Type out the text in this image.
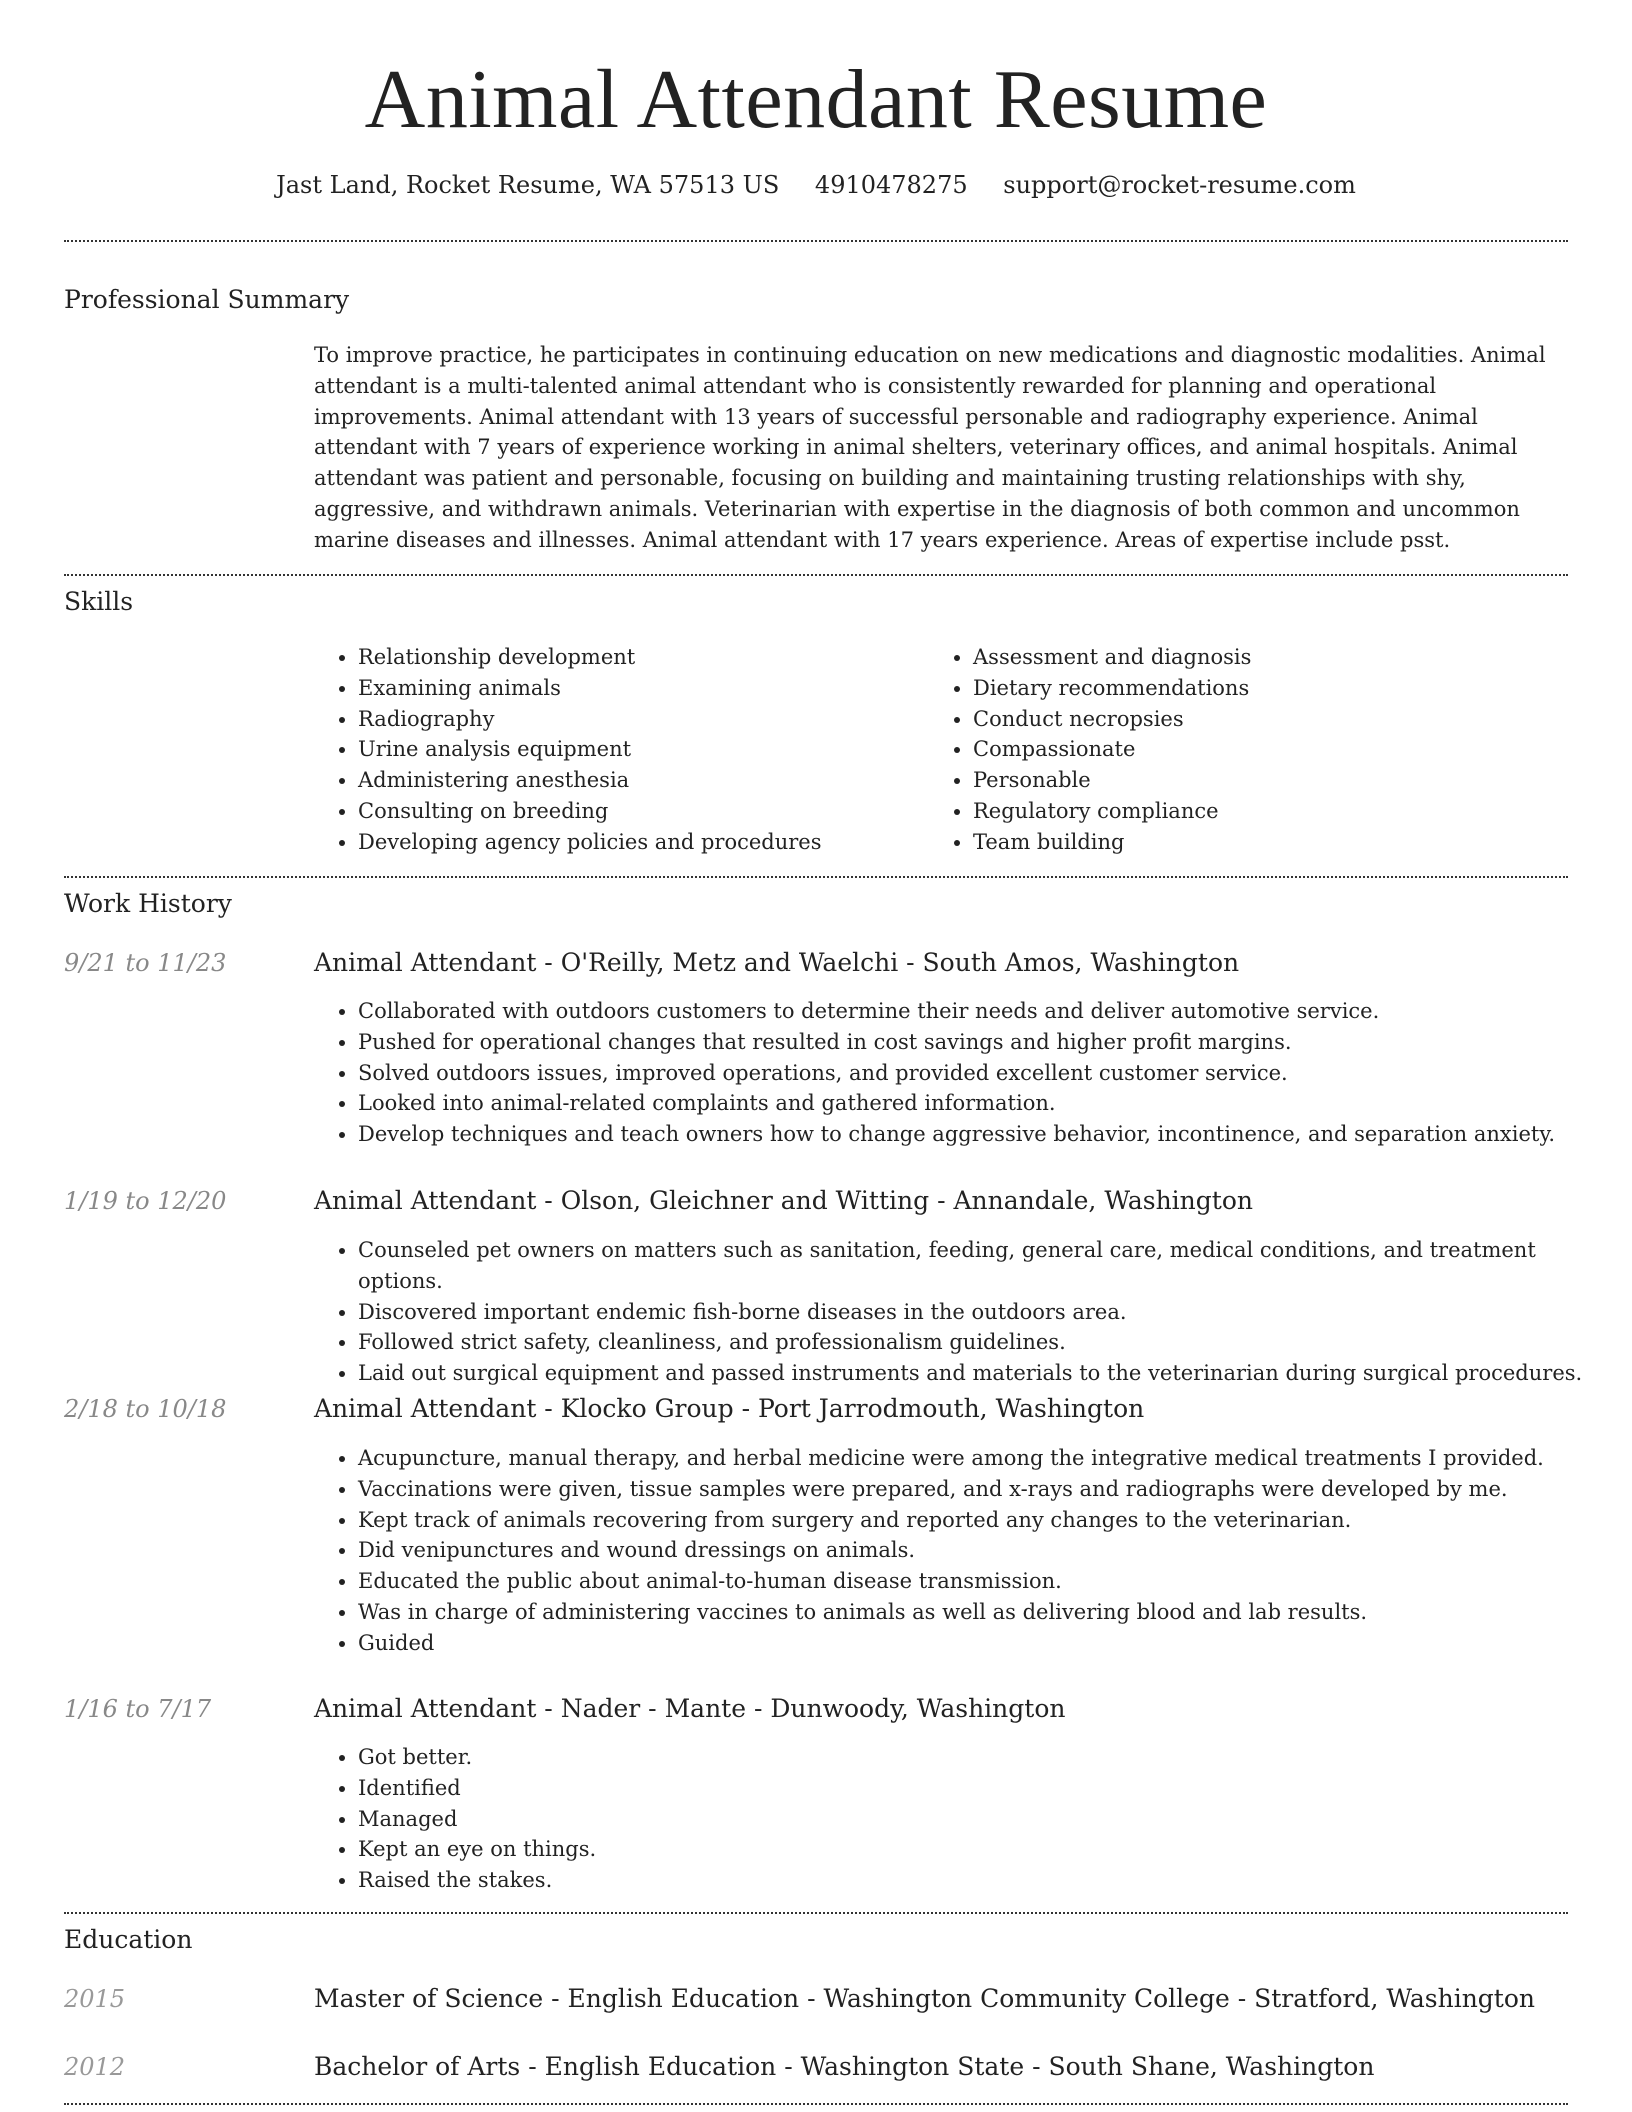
Animal Attendant Resume
Jast Land, Rocket Resume, WA 57513 US 4910478275 support@rocket-resume.com
Professional Summary

To improve practice, he participates in continuing education on new medications and diagnostic modalities. Animal attendant is a multi-talented animal attendant who is consistently rewarded for planning and operational improvements. Animal attendant with 13 years of successful personable and radiography experience. Animal attendant with 7 years of experience working in animal shelters, veterinary offices, and animal hospitals. Animal attendant was patient and personable, focusing on building and maintaining trusting relationships with shy, aggressive, and withdrawn animals. Veterinarian with expertise in the diagnosis of both common and uncommon marine diseases and illnesses. Animal attendant with 17 years experience. Areas of expertise include psst.

Skills
• Relationship development
• Examining animals
• Radiography
• Urine analysis equipment
• Administering anesthesia
• Consulting on breeding
• Developing agency policies and procedures
• Assessment and diagnosis
• Dietary recommendations
• Conduct necropsies
• Compassionate
• Personable
• Regulatory compliance
• Team building
Work History
9/21 to 11/23	Animal Attendant - O'Reilly, Metz and Waelchi - South Amos, Washington
• Collaborated with outdoors customers to determine their needs and deliver automotive service.
• Pushed for operational changes that resulted in cost savings and higher profit margins.
• Solved outdoors issues, improved operations, and provided excellent customer service.
• Looked into animal-related complaints and gathered information.
• Develop techniques and teach owners how to change aggressive behavior, incontinence, and separation anxiety.
1/19 to 12/20	Animal Attendant - Olson, Gleichner and Witting - Annandale, Washington
• Counseled pet owners on matters such as sanitation, feeding, general care, medical conditions, and treatment options.
• Discovered important endemic fish-borne diseases in the outdoors area.
• Followed strict safety, cleanliness, and professionalism guidelines.
• Laid out surgical equipment and passed instruments and materials to the veterinarian during surgical procedures.
2/18 to 10/18	Animal Attendant - Klocko Group - Port Jarrodmouth, Washington
• Acupuncture, manual therapy, and herbal medicine were among the integrative medical treatments I provided.
• Vaccinations were given, tissue samples were prepared, and x-rays and radiographs were developed by me.
• Kept track of animals recovering from surgery and reported any changes to the veterinarian.
• Did venipunctures and wound dressings on animals.
• Educated the public about animal-to-human disease transmission.
• Was in charge of administering vaccines to animals as well as delivering blood and lab results.
• Guided
1/16 to 7/17	Animal Attendant - Nader - Mante - Dunwoody, Washington
• Got better.
• Identified
• Managed
• Kept an eye on things.
• Raised the stakes.
Education
2015	Master of Science - English Education - Washington Community College - Stratford, Washington
2012	Bachelor of Arts - English Education - Washington State - South Shane, Washington
